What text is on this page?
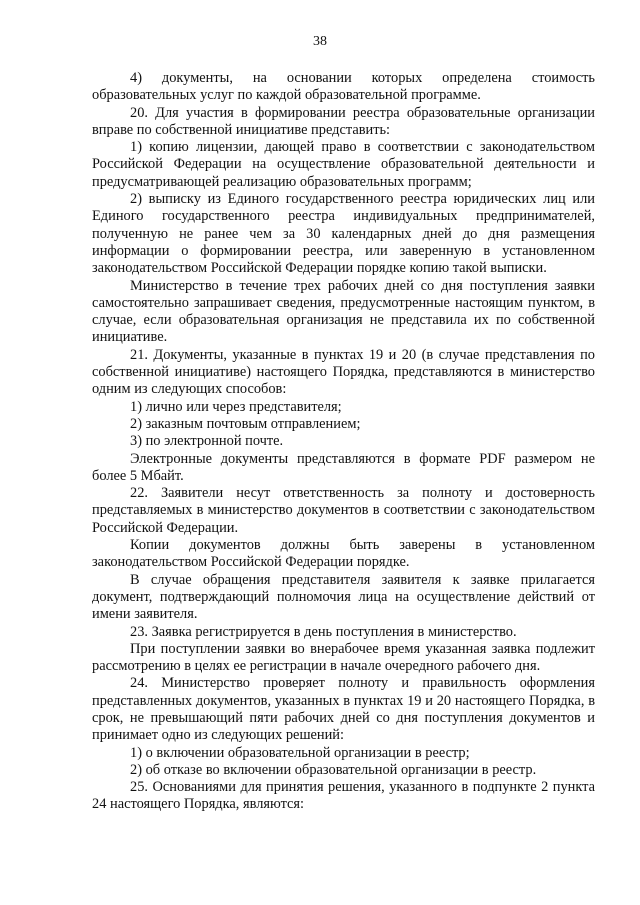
38

4) документы, на основании которых определена стоимость образовательных услуг по каждой образовательной программе.

20. Для участия в формировании реестра образовательные организации вправе по собственной инициативе представить:

1) копию лицензии, дающей право в соответствии с законодательством Российской Федерации на осуществление образовательной деятельности и предусматривающей реализацию образовательных программ;

2) выписку из Единого государственного реестра юридических лиц или Единого государственного реестра индивидуальных предпринимателей, полученную не ранее чем за 30 календарных дней до дня размещения информации о формировании реестра, или заверенную в установленном законодательством Российской Федерации порядке копию такой выписки.

Министерство в течение трех рабочих дней со дня поступления заявки самостоятельно запрашивает сведения, предусмотренные настоящим пунктом, в случае, если образовательная организация не представила их по собственной инициативе.

21. Документы, указанные в пунктах 19 и 20 (в случае представления по собственной инициативе) настоящего Порядка, представляются в министерство одним из следующих способов:

1) лично или через представителя;

2) заказным почтовым отправлением;

3) по электронной почте.

Электронные документы представляются в формате PDF размером не более 5 Мбайт.

22. Заявители несут ответственность за полноту и достоверность представляемых в министерство документов в соответствии с законодательством Российской Федерации.

Копии документов должны быть заверены в установленном законодательством Российской Федерации порядке.

В случае обращения представителя заявителя к заявке прилагается документ, подтверждающий полномочия лица на осуществление действий от имени заявителя.

23. Заявка регистрируется в день поступления в министерство.

При поступлении заявки во внерабочее время указанная заявка подлежит рассмотрению в целях ее регистрации в начале очередного рабочего дня.

24. Министерство проверяет полноту и правильность оформления представленных документов, указанных в пунктах 19 и 20 настоящего Порядка, в срок, не превышающий пяти рабочих дней со дня поступления документов и принимает одно из следующих решений:

1) о включении образовательной организации в реестр;

2) об отказе во включении образовательной организации в реестр.

25. Основаниями для принятия решения, указанного в подпункте 2 пункта 24 настоящего Порядка, являются:
